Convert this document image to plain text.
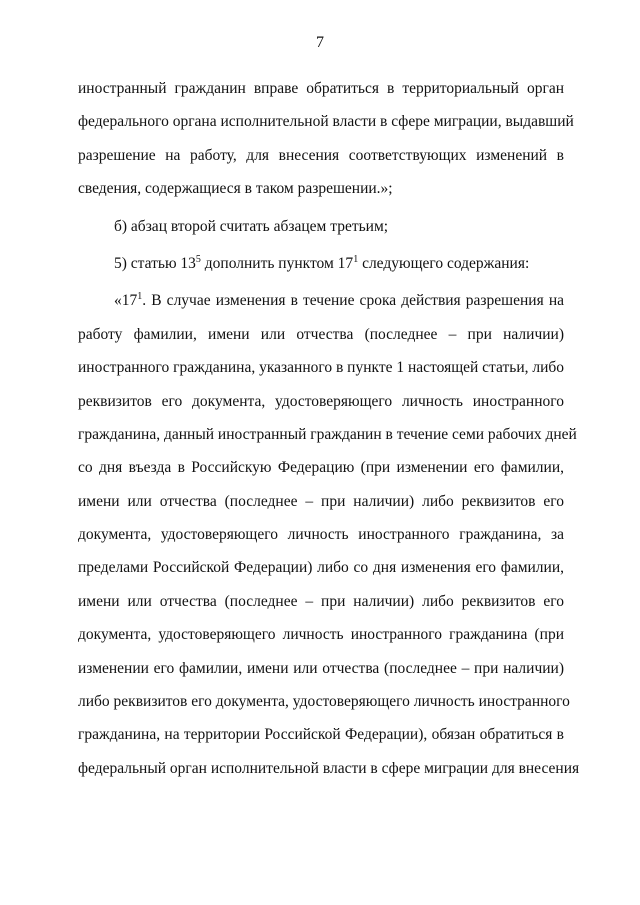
7
иностранный гражданин вправе обратиться в территориальный орган
федерального органа исполнительной власти в сфере миграции, выдавший
разрешение на работу, для внесения соответствующих изменений в
сведения, содержащиеся в таком разрешении.»;
б) абзац второй считать абзацем третьим;
5) статью $13^5$ дополнить пунктом $17^1$ следующего содержания:
«$17^1$. В случае изменения в течение срока действия разрешения на
работу фамилии, имени или отчества (последнее – при наличии)
иностранного гражданина, указанного в пункте 1 настоящей статьи, либо
реквизитов его документа, удостоверяющего личность иностранного
гражданина, данный иностранный гражданин в течение семи рабочих дней
со дня въезда в Российскую Федерацию (при изменении его фамилии,
имени или отчества (последнее – при наличии) либо реквизитов его
документа, удостоверяющего личность иностранного гражданина, за
пределами Российской Федерации) либо со дня изменения его фамилии,
имени или отчества (последнее – при наличии) либо реквизитов его
документа, удостоверяющего личность иностранного гражданина (при
изменении его фамилии, имени или отчества (последнее – при наличии)
либо реквизитов его документа, удостоверяющего личность иностранного
гражданина, на территории Российской Федерации), обязан обратиться в
федеральный орган исполнительной власти в сфере миграции для внесения
